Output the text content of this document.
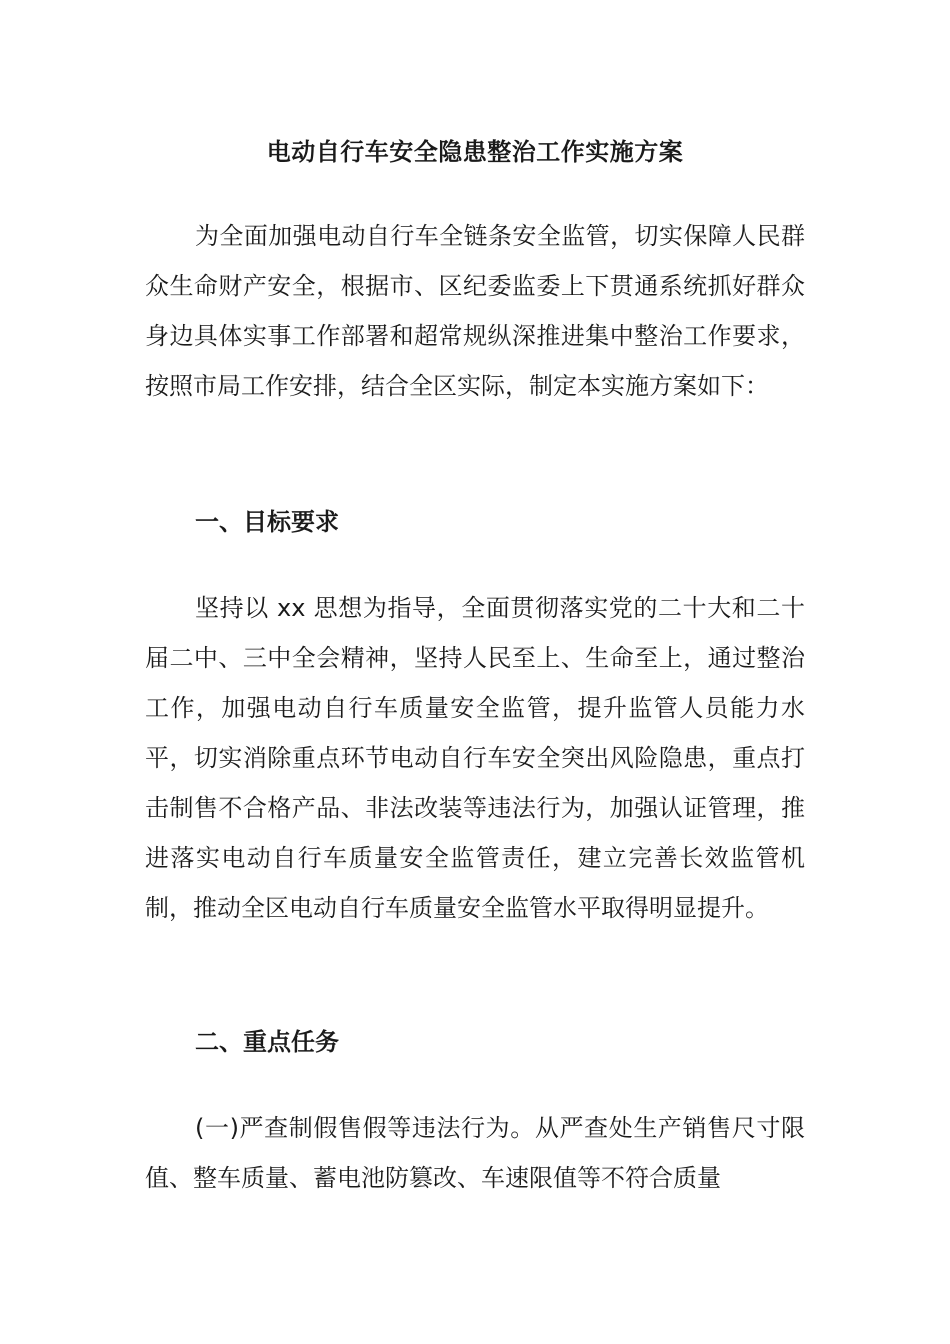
电动自行车安全隐患整治工作实施方案

为全面加强电动自行车全链条安全监管，切实保障人民群众生命财产安全，根据市、区纪委监委上下贯通系统抓好群众身边具体实事工作部署和超常规纵深推进集中整治工作要求，按照市局工作安排，结合全区实际，制定本实施方案如下：

一、目标要求

坚持以 xx 思想为指导，全面贯彻落实党的二十大和二十届二中、三中全会精神，坚持人民至上、生命至上，通过整治工作，加强电动自行车质量安全监管，提升监管人员能力水平，切实消除重点环节电动自行车安全突出风险隐患，重点打击制售不合格产品、非法改装等违法行为，加强认证管理，推进落实电动自行车质量安全监管责任，建立完善长效监管机制，推动全区电动自行车质量安全监管水平取得明显提升。

二、重点任务

(一)严查制假售假等违法行为。从严查处生产销售尺寸限值、整车质量、蓄电池防篡改、车速限值等不符合质量
